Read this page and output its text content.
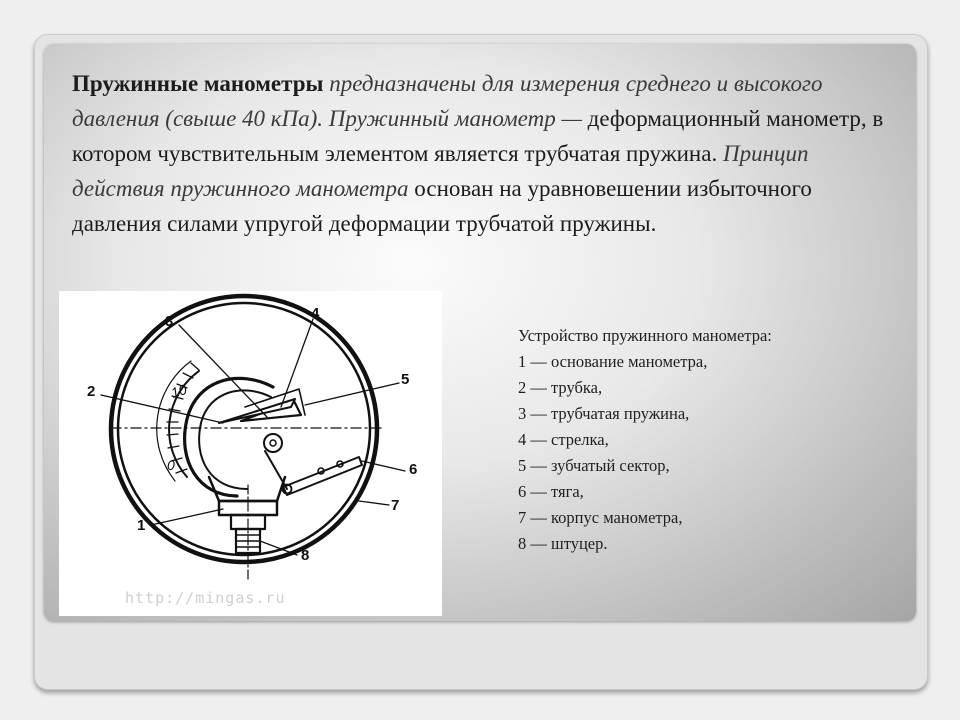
Пружинные манометры предназначены для измерения среднего и высокого давления (свыше 40 кПа). Пружинный манометр — деформационный манометр, в котором чувствительным элементом является трубчатая пружина. Принцип действия пружинного манометра основан на уравновешении избыточного давления силами упругой деформации трубчатой пружины.

10
0
3	4
2
5
6
7
1
8
http://mingas.ru
Устройство пружинного манометра:
1 — основание манометра,
2 — трубка,
3 — трубчатая пружина,
4 — стрелка,
5 — зубчатый сектор,
6 — тяга,
7 — корпус манометра,
8 — штуцер.
